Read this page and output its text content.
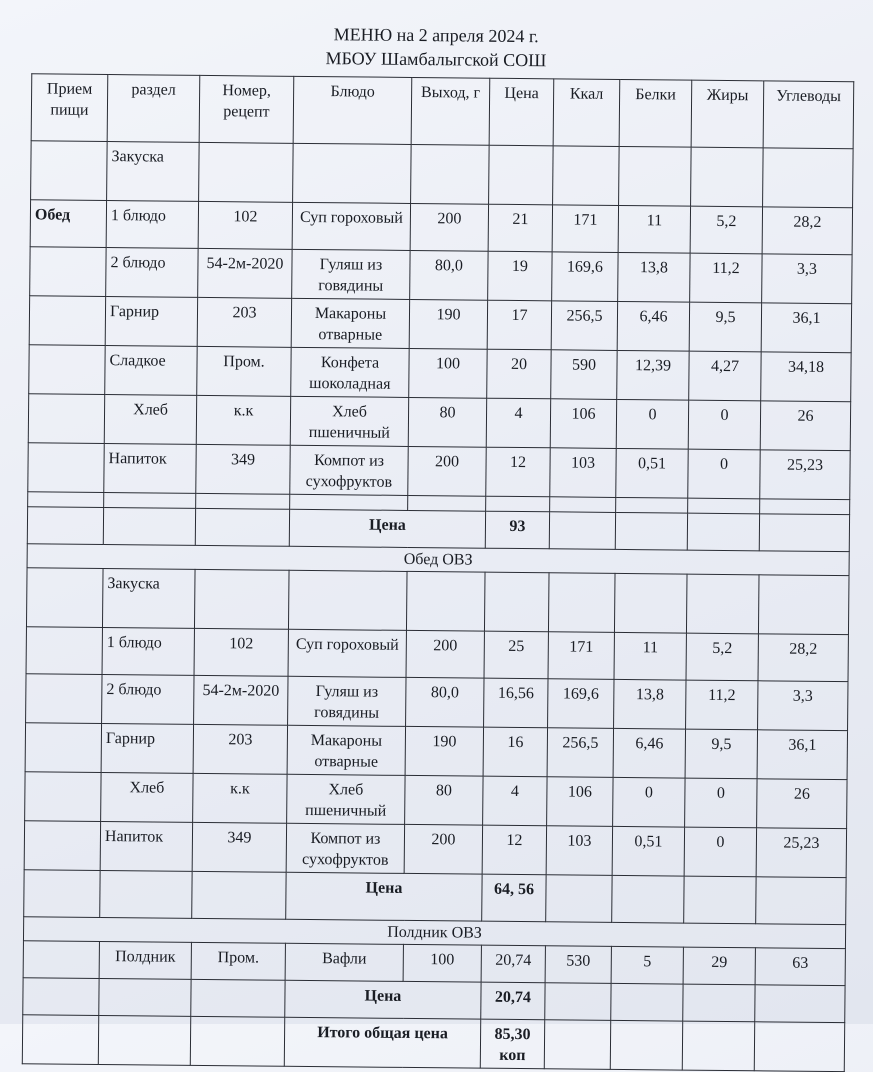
МЕНЮ на 2 апреля 2024 г.
МБОУ Шамбалыгской СОШ
Прием пищи	раздел	Номер, рецепт	Блюдо	Выход, г	Цена	Ккал	Белки	Жиры	Углеводы
	Закуска								
Обед	1 блюдо	102	Суп гороховый	200	21	171	11	5,2	28,2
	2 блюдо	54-2м-2020	Гуляш из говядины	80,0	19	169,6	13,8	11,2	3,3
	Гарнир	203	Макароны отварные	190	17	256,5	6,46	9,5	36,1
	Сладкое	Пром.	Конфета шоколадная	100	20	590	12,39	4,27	34,18
	Хлеб	к.к	Хлеб пшеничный	80	4	106	0	0	26
	Напиток	349	Компот из сухофруктов	200	12	103	0,51	0	25,23

			Цена		93				
Обед ОВЗ									
	Закуска								
	1 блюдо	102	Суп гороховый	200	25	171	11	5,2	28,2
	2 блюдо	54-2м-2020	Гуляш из говядины	80,0	16,56	169,6	13,8	11,2	3,3
	Гарнир	203	Макароны отварные	190	16	256,5	6,46	9,5	36,1
	Хлеб	к.к	Хлеб пшеничный	80	4	106	0	0	26
	Напиток	349	Компот из сухофруктов	200	12	103	0,51	0	25,23
			Цена		64, 56				
Полдник ОВЗ									
	Полдник	Пром.	Вафли	100	20,74	530	5	29	63
			Цена		20,74				
			Итого общая цена		85,30 коп				
